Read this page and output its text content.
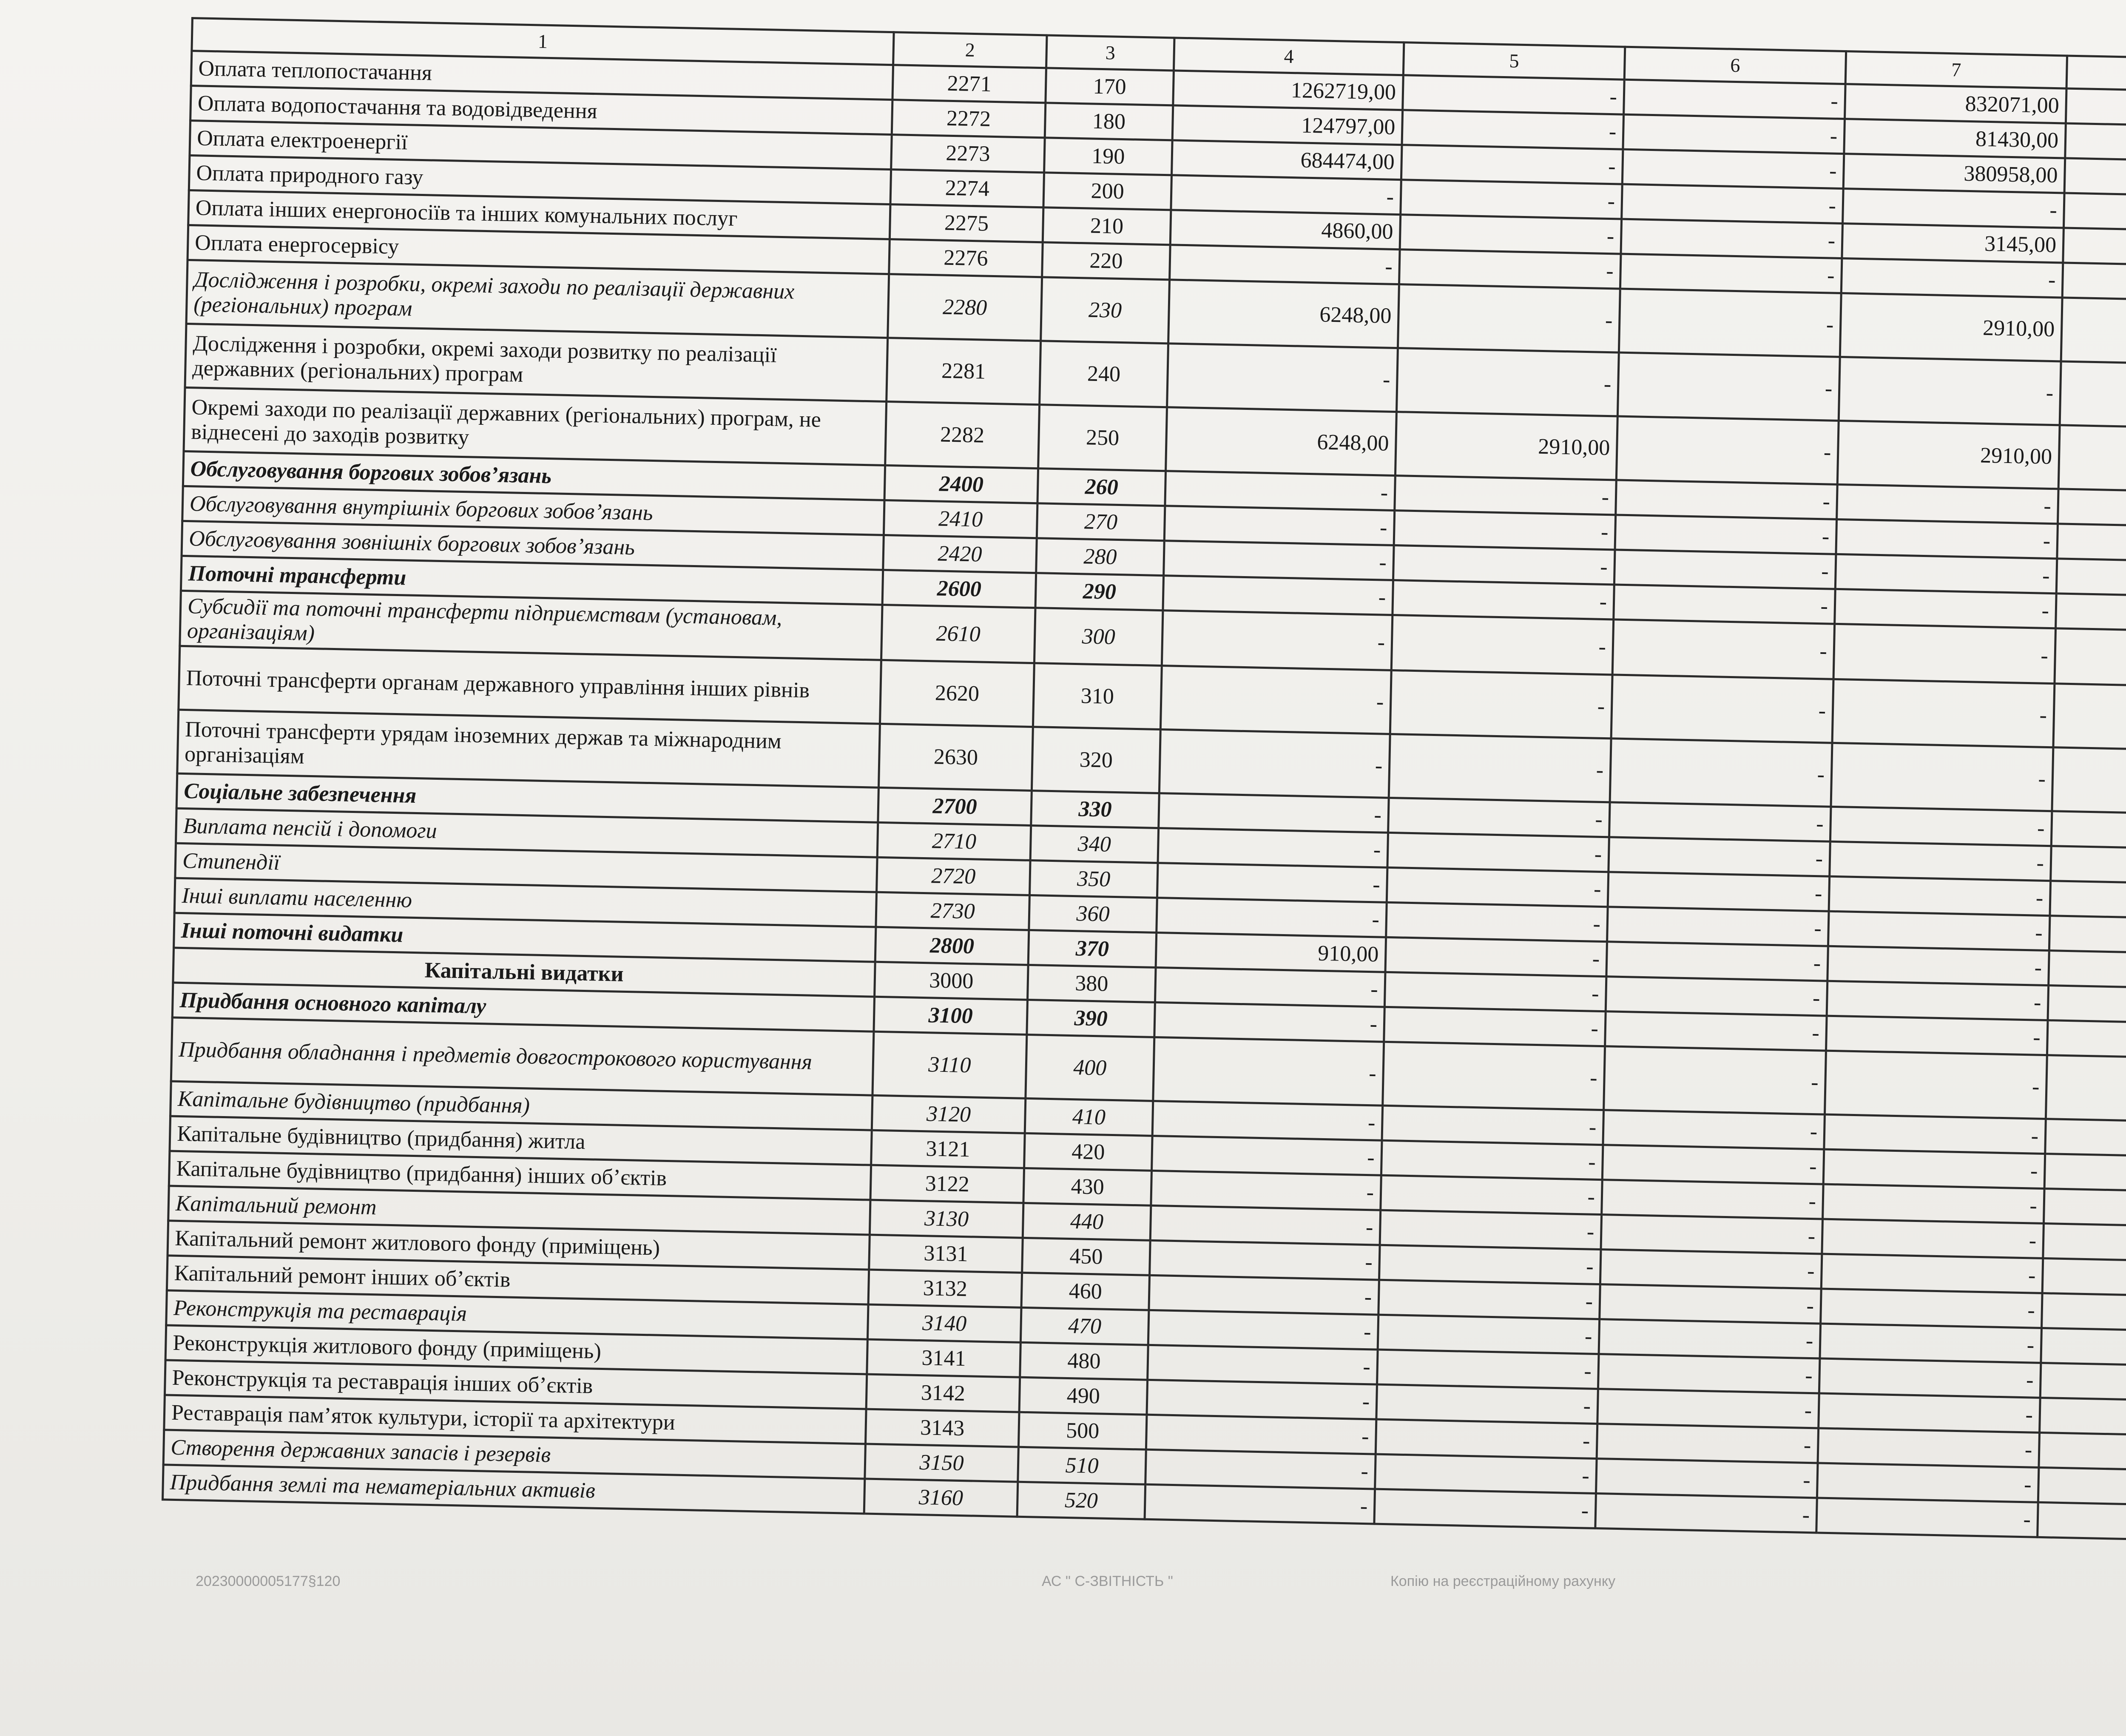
1	2	3	4	5	6	7		
Оплата теплопостачання	2271	170	1262719,00	-	-	832071,00		
Оплата водопостачання та водовідведення	2272	180	124797,00	-	-	81430,00		
Оплата електроенергії	2273	190	684474,00	-	-	380958,00		
Оплата природного газу	2274	200	-	-	-	-		
Оплата інших енергоносіїв та інших комунальних послуг	2275	210	4860,00	-	-	3145,00		
Оплата енергосервісу	2276	220	-	-	-	-		
Дослідження і розробки, окремі заходи по реалізації державних (регіональних) програм	2280	230	6248,00	-	-	2910,00		
Дослідження і розробки, окремі заходи розвитку по реалізації державних (регіональних) програм	2281	240	-	-	-	-		
Окремі заходи по реалізації державних (регіональних) програм, не віднесені до заходів розвитку	2282	250	6248,00	2910,00	-	2910,00		
Обслуговування боргових зобов’язань	2400	260	-	-	-	-		
Обслуговування внутрішніх боргових зобов’язань	2410	270	-	-	-	-		
Обслуговування зовнішніх боргових зобов’язань	2420	280	-	-	-	-		
Поточні трансферти	2600	290	-	-	-	-		
Субсидії та поточні трансферти підприємствам (установам, організаціям)	2610	300	-	-	-	-		
Поточні трансферти органам державного управління інших рівнів	2620	310	-	-	-	-		
Поточні трансферти урядам іноземних держав та міжнародним організаціям	2630	320	-	-	-	-		
Соціальне забезпечення	2700	330	-	-	-	-		
Виплата пенсій і допомоги	2710	340	-	-	-	-		
Стипендії	2720	350	-	-	-	-		
Інші виплати населенню	2730	360	-	-	-	-		
Інші поточні видатки	2800	370	910,00	-	-	-		
Капітальні видатки	3000	380	-	-	-	-		
Придбання основного капіталу	3100	390	-	-	-	-		
Придбання обладнання і предметів довгострокового користування	3110	400	-	-	-	-		
Капітальне будівництво (придбання)	3120	410	-	-	-	-		
Капітальне будівництво (придбання) житла	3121	420	-	-	-	-		
Капітальне будівництво (придбання) інших об’єктів	3122	430	-	-	-	-		
Капітальний ремонт	3130	440	-	-	-	-		
Капітальний ремонт житлового фонду (приміщень)	3131	450	-	-	-	-		
Капітальний ремонт інших об’єктів	3132	460	-	-	-	-		
Реконструкція та реставрація	3140	470	-	-	-	-		
Реконструкція житлового фонду (приміщень)	3141	480	-	-	-	-		
Реконструкція та реставрація інших об’єктів	3142	490	-	-	-	-		
Реставрація пам’яток культури, історії та архітектури	3143	500	-	-	-	-		
Створення державних запасів і резервів	3150	510	-	-	-	-		
Придбання землі та нематеріальних активів	3160	520	-	-	-	-		
20230000005177§120	АС " С-ЗВІТНІСТЬ "	Копію на реєстраційному рахунку
